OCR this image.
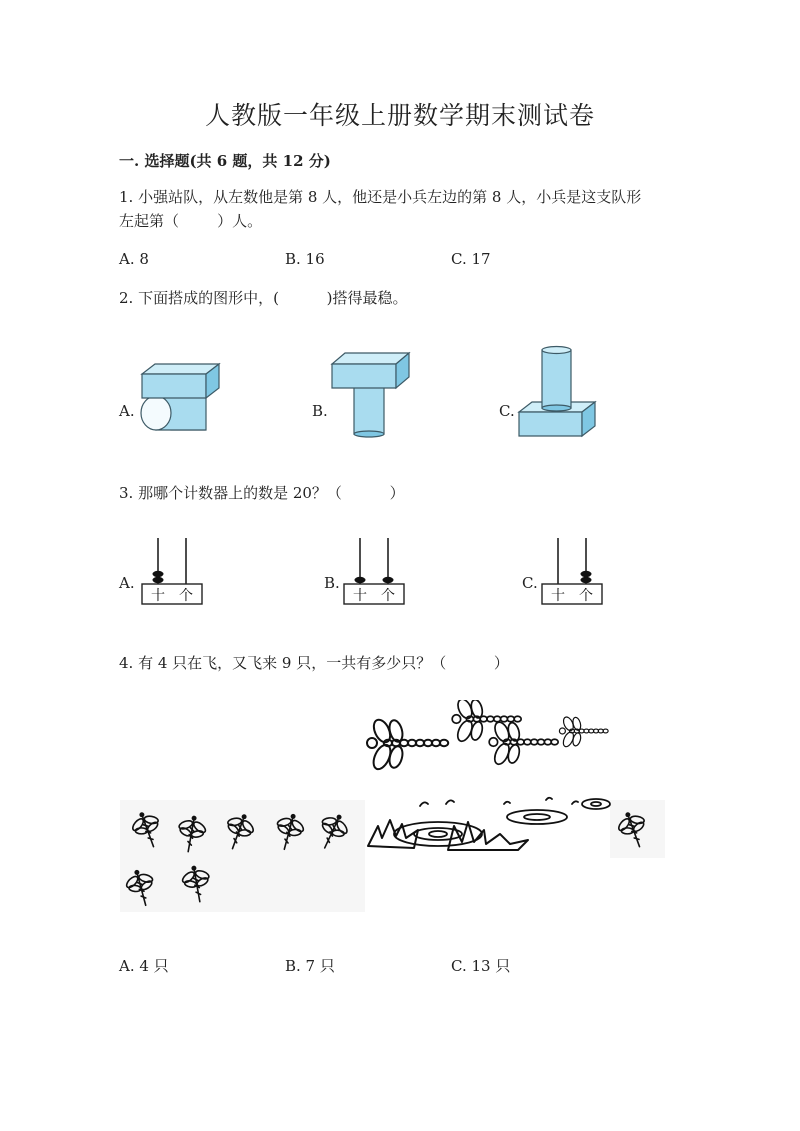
人教版一年级上册数学期末测试卷
一. 选择题(共 6 题，共 12 分)
1. 小强站队，从左数他是第 8 人，他还是小兵左边的第 8 人，小兵是这支队形
左起第（        ）人。
A. 8	B. 16	C. 17
2. 下面搭成的图形中，(          )搭得最稳。
A.	B.	C.
3. 那哪个计数器上的数是 20？（          ）
A.	B.	C.
十 个	十 个	十 个
4. 有 4 只在飞，又飞来 9 只，一共有多少只？（          ）
A. 4 只	B. 7 只	C. 13 只
